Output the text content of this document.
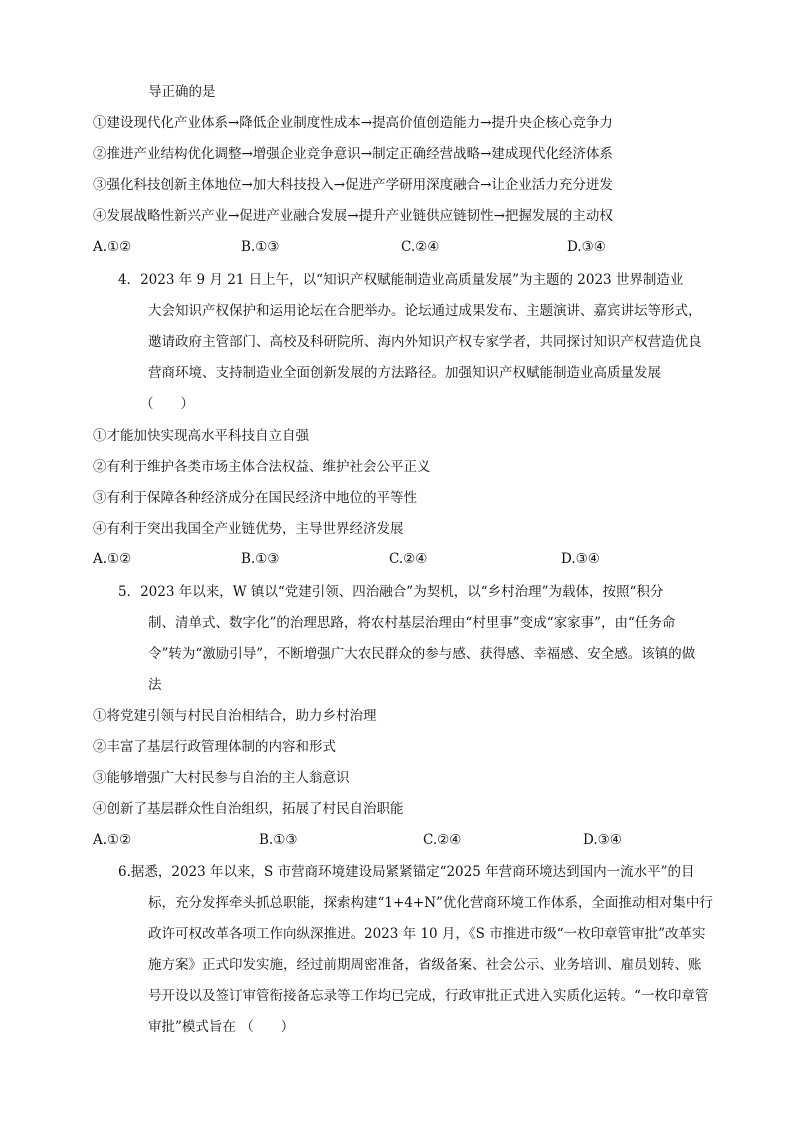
导正确的是
①建设现代化产业体系→降低企业制度性成本→提高价值创造能力→提升央企核心竞争力
②推进产业结构优化调整→增强企业竞争意识→制定正确经营战略→建成现代化经济体系
③强化科技创新主体地位→加大科技投入→促进产学研用深度融合→让企业活力充分迸发
④发展战略性新兴产业→促进产业融合发展→提升产业链供应链韧性→把握发展的主动权
A.①②	B.①③	C.②④	D.③④
4．2023 年 9 月 21 日上午，以“知识产权赋能制造业高质量发展”为主题的 2023 世界制造业
大会知识产权保护和运用论坛在合肥举办。论坛通过成果发布、主题演讲、嘉宾讲坛等形式，
邀请政府主管部门、高校及科研院所、海内外知识产权专家学者，共同探讨知识产权营造优良
营商环境、支持制造业全面创新发展的方法路径。加强知识产权赋能制造业高质量发展
（　　）
①才能加快实现高水平科技自立自强
②有利于维护各类市场主体合法权益、维护社会公平正义
③有利于保障各种经济成分在国民经济中地位的平等性
④有利于突出我国全产业链优势，主导世界经济发展
A.①②	B.①③	C.②④	D.③④
5．2023 年以来，W 镇以“党建引领、四治融合”为契机，以“乡村治理”为载体，按照“积分
制、清单式、数字化”的治理思路，将农村基层治理由“村里事”变成“家家事”，由“任务命
令”转为“激励引导”，不断增强广大农民群众的参与感、获得感、幸福感、安全感。该镇的做
法
①将党建引领与村民自治相结合，助力乡村治理
②丰富了基层行政管理体制的内容和形式
③能够增强广大村民参与自治的主人翁意识
④创新了基层群众性自治组织，拓展了村民自治职能
A.①②	B.①③	C.②④	D.③④
6.据悉，2023 年以来，S 市营商环境建设局紧紧锚定“2025 年营商环境达到国内一流水平”的目
标，充分发挥牵头抓总职能，探索构建“1+4+N”优化营商环境工作体系，全面推动相对集中行
政许可权改革各项工作向纵深推进。2023 年 10 月，《S 市推进市级“一枚印章管审批”改革实
施方案》正式印发实施，经过前期周密准备，省级备案、社会公示、业务培训、雇员划转、账
号开设以及签订审管衔接备忘录等工作均已完成，行政审批正式进入实质化运转。“一枚印章管
审批”模式旨在 （　　）
